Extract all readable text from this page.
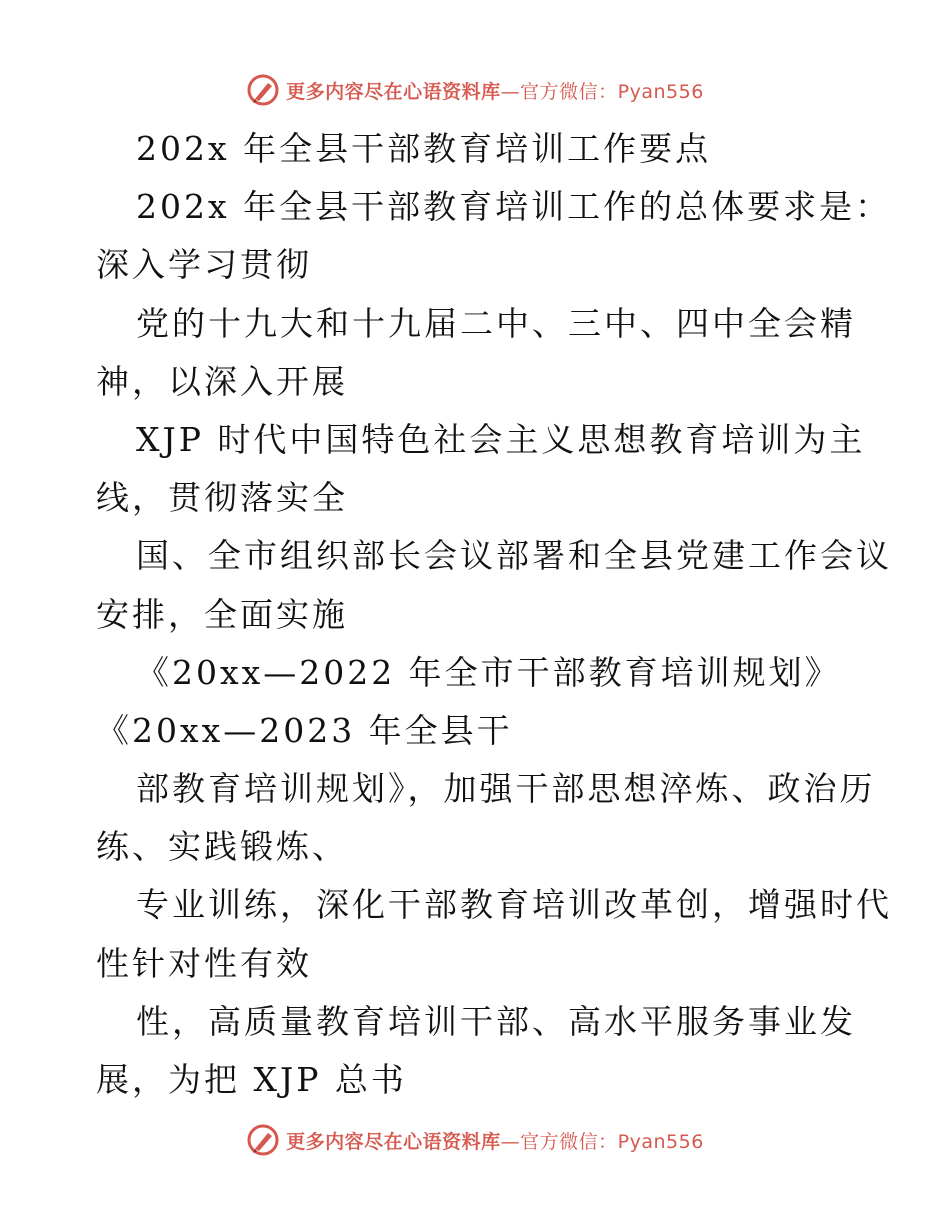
更多内容尽在心语资料库—官方微信：Pyan556
202x 年全县干部教育培训工作要点
202x 年全县干部教育培训工作的总体要求是：
深入学习贯彻
党的十九大和十九届二中、三中、四中全会精
神，以深入开展
XJP 时代中国特色社会主义思想教育培训为主
线，贯彻落实全
国、全市组织部长会议部署和全县党建工作会议
安排，全面实施
《20xx—2022 年全市干部教育培训规划》
《20xx—2023 年全县干
部教育培训规划》，加强干部思想淬炼、政治历
练、实践锻炼、
专业训练，深化干部教育培训改革创，增强时代
性针对性有效
性，高质量教育培训干部、高水平服务事业发
展，为把 XJP 总书
更多内容尽在心语资料库—官方微信：Pyan556
